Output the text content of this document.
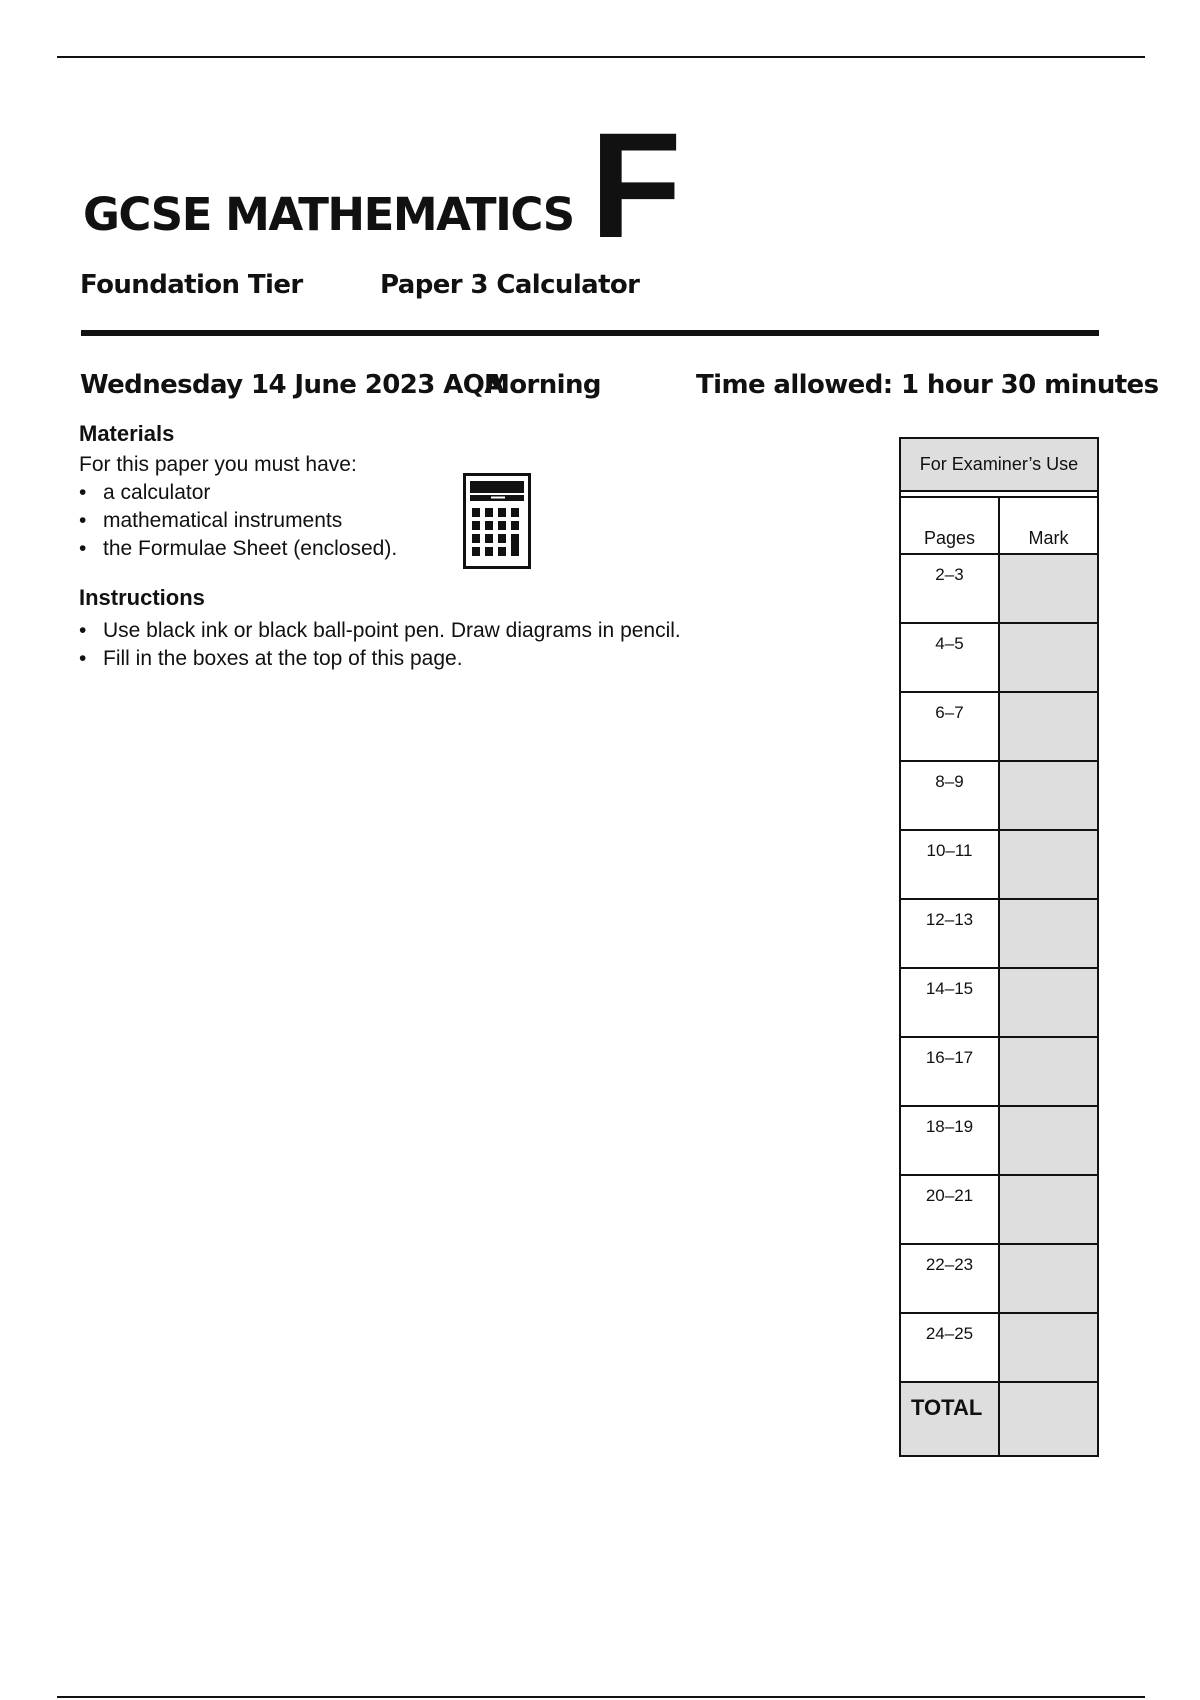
GCSE MATHEMATICS F
Foundation Tier	Paper 3 Calculator
Wednesday 14 June 2023 AQA
Morning	Time allowed: 1 hour 30 minutes
Materials
For this paper you must have:
• a calculator
• mathematical instruments
• the Formulae Sheet (enclosed).
Instructions
• Use black ink or black ball-point pen. Draw diagrams in pencil.
• Fill in the boxes at the top of this page.
For Examiner’s Use	

Pages	Mark
2–3	
4–5	
6–7	
8–9	
10–11	
12–13	
14–15	
16–17	
18–19	
20–21	
22–23	
24–25	
TOTAL	
